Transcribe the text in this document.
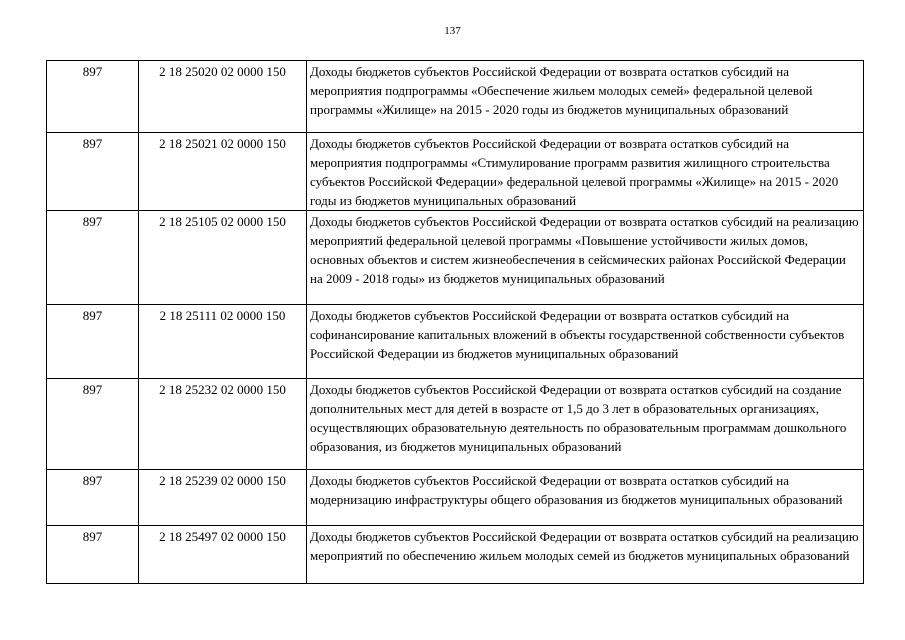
137
897	2 18 25020 02 0000 150	Доходы бюджетов субъектов Российской Федерации от возврата остатков субсидий на мероприятия подпрограммы «Обеспечение жильем молодых семей» федеральной целевой программы «Жилище» на 2015 - 2020 годы из бюджетов муниципальных образований
897	2 18 25021 02 0000 150	Доходы бюджетов субъектов Российской Федерации от возврата остатков субсидий на мероприятия подпрограммы «Стимулирование программ развития жилищного строительства субъектов Российской Федерации» федеральной целевой программы «Жилище» на 2015 - 2020 годы из бюджетов муниципальных образований
897	2 18 25105 02 0000 150	Доходы бюджетов субъектов Российской Федерации от возврата остатков субсидий на реализацию мероприятий федеральной целевой программы «Повышение устойчивости жилых домов, основных объектов и систем жизнеобеспечения в сейсмических районах Российской Федерации на 2009 - 2018 годы» из бюджетов муниципальных образований
897	2 18 25111 02 0000 150	Доходы бюджетов субъектов Российской Федерации от возврата остатков субсидий на софинансирование капитальных вложений в объекты государственной собственности субъектов Российской Федерации из бюджетов муниципальных образований
897	2 18 25232 02 0000 150	Доходы бюджетов субъектов Российской Федерации от возврата остатков субсидий на создание дополнительных мест для детей в возрасте от 1,5 до 3 лет в образовательных организациях, осуществляющих образовательную деятельность по образовательным программам дошкольного образования, из бюджетов муниципальных образований
897	2 18 25239 02 0000 150	Доходы бюджетов субъектов Российской Федерации от возврата остатков субсидий на модернизацию инфраструктуры общего образования из бюджетов муниципальных образований
897	2 18 25497 02 0000 150	Доходы бюджетов субъектов Российской Федерации от возврата остатков субсидий на реализацию мероприятий по обеспечению жильем молодых семей из бюджетов муниципальных образований
